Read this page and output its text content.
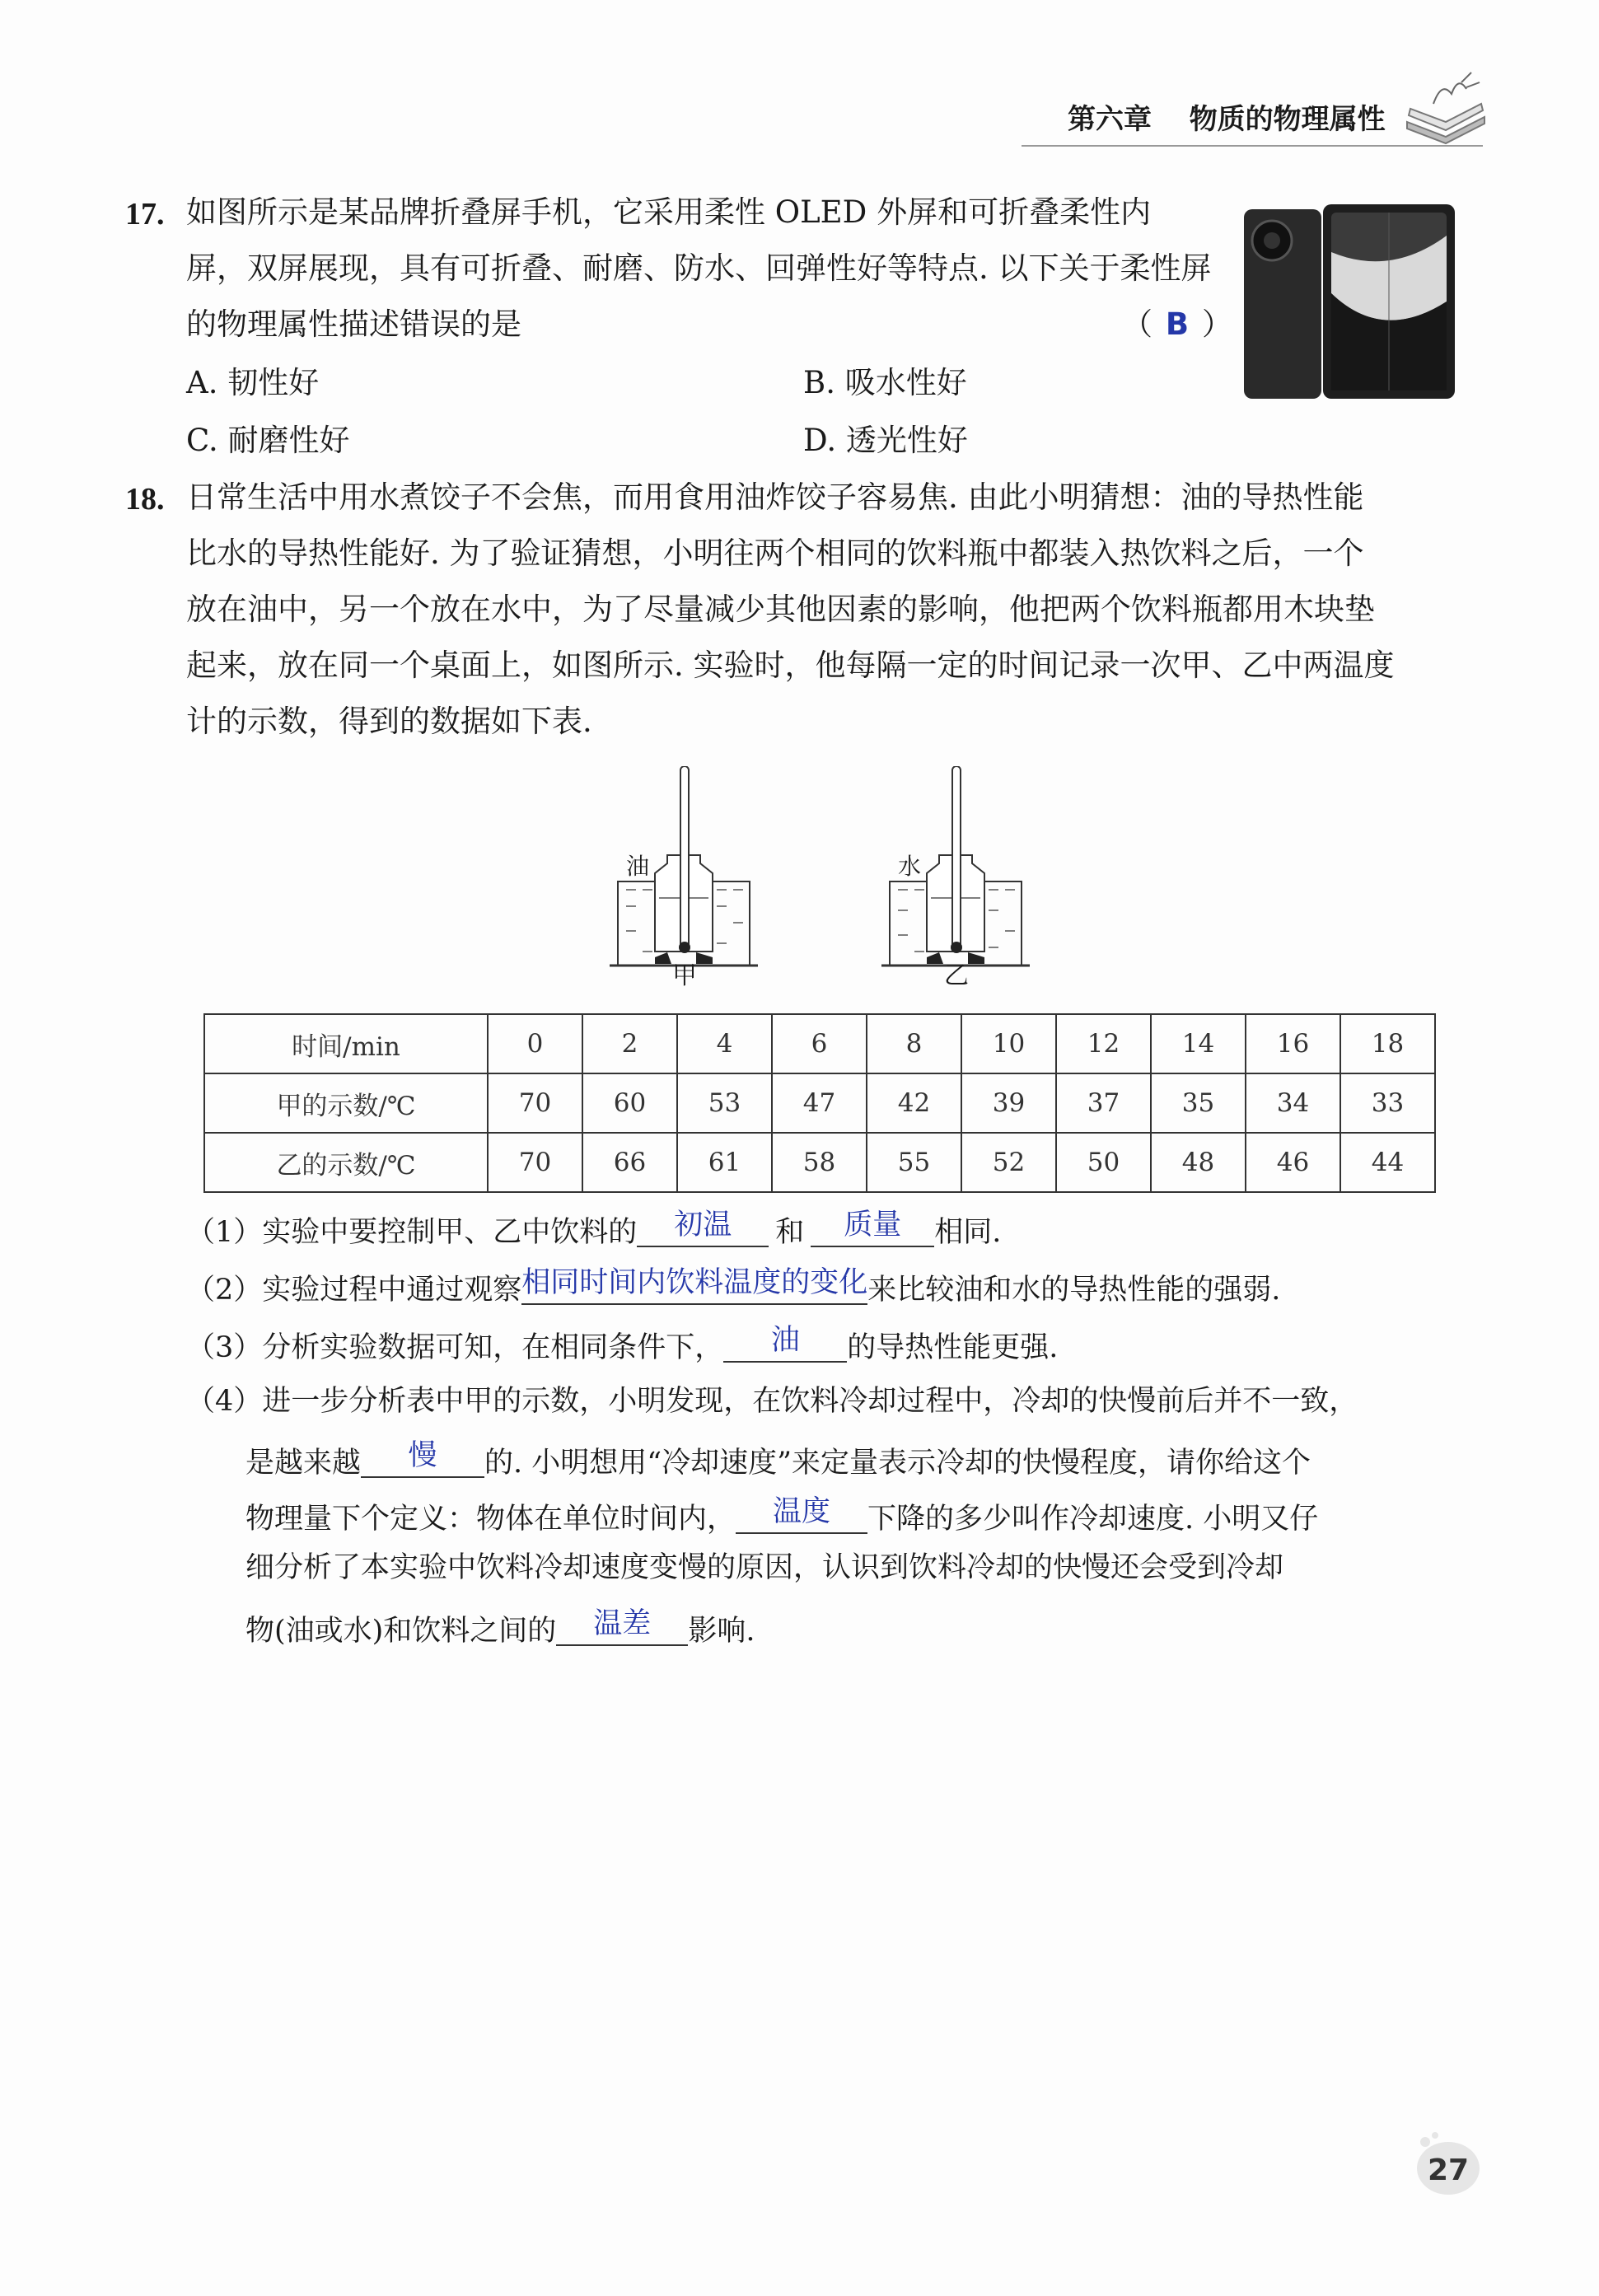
第六章 物质的物理属性
17. 如图所示是某品牌折叠屏手机，它采用柔性 OLED 外屏和可折叠柔性内
屏，双屏展现，具有可折叠、耐磨、防水、回弹性好等特点. 以下关于柔性屏
的物理属性描述错误的是	（ B ）
A. 韧性好	B. 吸水性好
C. 耐磨性好	D. 透光性好
18. 日常生活中用水煮饺子不会焦，而用食用油炸饺子容易焦. 由此小明猜想：油的导热性能
比水的导热性能好. 为了验证猜想，小明往两个相同的饮料瓶中都装入热饮料之后，一个
放在油中，另一个放在水中，为了尽量减少其他因素的影响，他把两个饮料瓶都用木块垫
起来，放在同一个桌面上，如图所示. 实验时，他每隔一定的时间记录一次甲、乙中两温度
计的示数，得到的数据如下表.
油	水
甲	乙
时间/min	0	2	4	6	8	10	12	14	16	18
甲的示数/℃	70	60	53	47	42	39	37	35	34	33
乙的示数/℃	70	66	61	58	55	52	50	48	46	44
（1）实验中要控制甲、乙中饮料的 初温 和 质量 相同.
（2）实验过程中通过观察相同时间内饮料温度的变化来比较油和水的导热性能的强弱.
（3）分析实验数据可知，在相同条件下， 油 的导热性能更强.
（4）进一步分析表中甲的示数，小明发现，在饮料冷却过程中，冷却的快慢前后并不一致，
是越来越 慢 的. 小明想用“冷却速度”来定量表示冷却的快慢程度，请你给这个
物理量下个定义：物体在单位时间内， 温度 下降的多少叫作冷却速度. 小明又仔
细分析了本实验中饮料冷却速度变慢的原因，认识到饮料冷却的快慢还会受到冷却
物(油或水)和饮料之间的 温差 影响.
27
